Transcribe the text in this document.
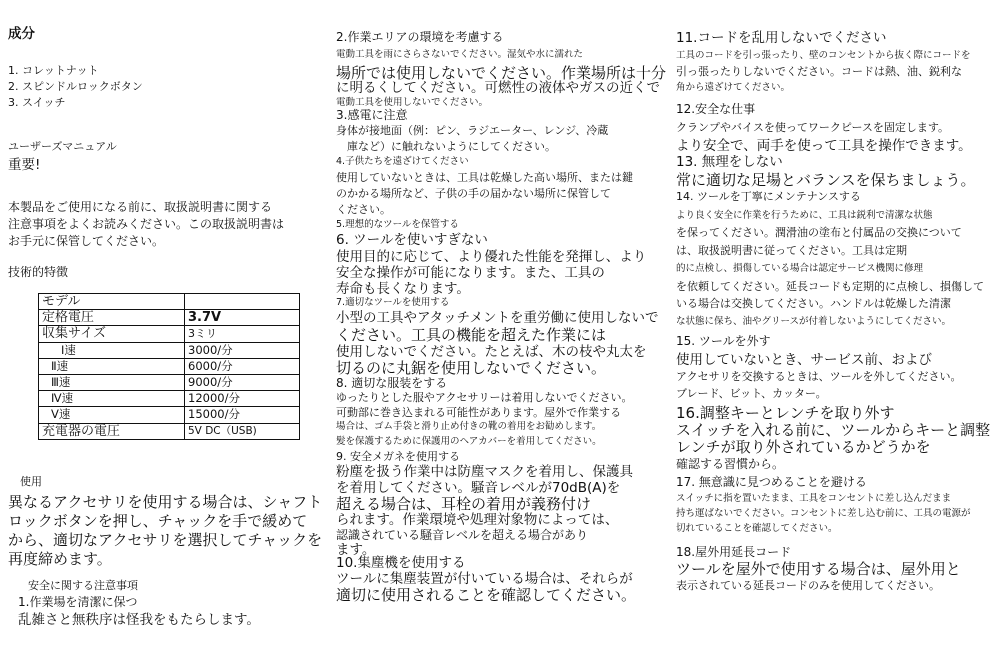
成分
1. コレットナット
2. スピンドルロックボタン
3. スイッチ
ユーザーズマニュアル
重要!
本製品をご使用になる前に、取扱説明書に関する
注意事項をよくお読みください。この取扱説明書は
お手元に保管してください。
技術的特徴
モデル	
定格電圧	3.7V
収集サイズ	3ミリ
Ⅰ速	3000/分
Ⅱ速	6000/分
Ⅲ速	9000/分
Ⅳ速	12000/分
Ⅴ速	15000/分
充電器の電圧	5V DC（USB)
使用
異なるアクセサリを使用する場合は、シャフト
ロックボタンを押し、チャックを手で緩めて
から、適切なアクセサリを選択してチャックを
再度締めます。
安全に関する注意事項
1.作業場を清潔に保つ
乱雑さと無秩序は怪我をもたらします。
2.作業エリアの環境を考慮する
電動工具を雨にさらさないでください。湿気や水に濡れた
場所では使用しないでください。作業場所は十分
に明るくしてください。可燃性の液体やガスの近くで
電動工具を使用しないでください。
3.感電に注意
身体が接地面（例：ピン、ラジエーター、レンジ、冷蔵
　庫など）に触れないようにしてください。
4.子供たちを遠ざけてください
使用していないときは、工具は乾燥した高い場所、または鍵
のかかる場所など、子供の手の届かない場所に保管して
ください。
5.理想的なツールを保管する
6. ツールを使いすぎない
使用目的に応じて、より優れた性能を発揮し、より
安全な操作が可能になります。また、工具の
寿命も長くなります。
7.適切なツールを使用する
小型の工具やアタッチメントを重労働に使用しないで
ください。工具の機能を超えた作業には
使用しないでください。たとえば、木の枝や丸太を
切るのに丸鋸を使用しないでください。
8. 適切な服装をする
ゆったりとした服やアクセサリーは着用しないでください。
可動部に巻き込まれる可能性があります。屋外で作業する
場合は、ゴム手袋と滑り止め付きの靴の着用をお勧めします。
髪を保護するために保護用のヘアカバーを着用してください。
9. 安全メガネを使用する
粉塵を扱う作業中は防塵マスクを着用し、保護具
を着用してください。騒音レベルが70dB(A)を
超える場合は、耳栓の着用が義務付け
られます。作業環境や処理対象物によっては、
認識されている騒音レベルを超える場合があり
ます。
10.集塵機を使用する
ツールに集塵装置が付いている場合は、それらが
適切に使用されることを確認してください。
11.コードを乱用しないでください
工具のコードを引っ張ったり、壁のコンセントから抜く際にコードを
引っ張ったりしないでください。コードは熱、油、鋭利な
角から遠ざけてください。
12.安全な仕事
クランプやバイスを使ってワークピースを固定します。
より安全で、両手を使って工具を操作できます。
13. 無理をしない
常に適切な足場とバランスを保ちましょう。
14. ツールを丁寧にメンテナンスする
より良く安全に作業を行うために、工具は鋭利で清潔な状態
を保ってください。潤滑油の塗布と付属品の交換について
は、取扱説明書に従ってください。工具は定期
的に点検し、損傷している場合は認定サービス機関に修理
を依頼してください。延長コードも定期的に点検し、損傷して
いる場合は交換してください。ハンドルは乾燥した清潔
な状態に保ち、油やグリースが付着しないようにしてください。
15. ツールを外す
使用していないとき、サービス前、および
アクセサリを交換するときは、ツールを外してください。
ブレード、ビット、カッター。
16.調整キーとレンチを取り外す
スイッチを入れる前に、ツールからキーと調整
レンチが取り外されているかどうかを
確認する習慣から。
17. 無意識に見つめることを避ける
スイッチに指を置いたまま、工具をコンセントに差し込んだまま
持ち運ばないでください。コンセントに差し込む前に、工具の電源が
切れていることを確認してください。
18.屋外用延長コード
ツールを屋外で使用する場合は、屋外用と
表示されている延長コードのみを使用してください。
